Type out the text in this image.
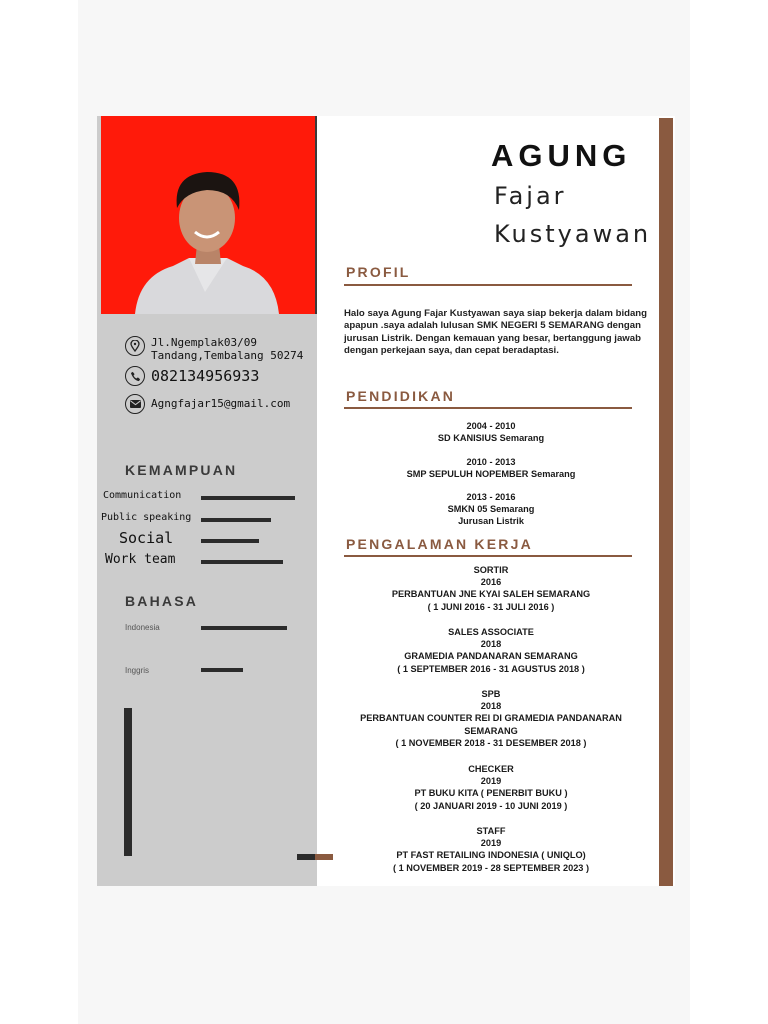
Jl.Ngemplak03/09
Tandang,Tembalang 50274
082134956933
Agngfajar15@gmail.com
KEMAMPUAN
Communication
Public speaking
Social
Work team
BAHASA
Indonesia
Inggris
AGUNG
Fajar
Kustyawan
PROFIL
Halo saya Agung Fajar Kustyawan saya siap bekerja dalam bidang apapun .saya adalah lulusan SMK NEGERI 5 SEMARANG dengan jurusan Listrik. Dengan kemauan yang besar, bertanggung jawab dengan perkejaan saya, dan cepat beradaptasi.
PENDIDIKAN
2004 - 2010
SD KANISIUS Semarang
2010 - 2013
SMP SEPULUH NOPEMBER Semarang
2013 - 2016
SMKN 05 Semarang
Jurusan Listrik
PENGALAMAN KERJA
SORTIR
2016
PERBANTUAN JNE KYAI SALEH SEMARANG
( 1 JUNI 2016 - 31 JULI 2016 )
SALES ASSOCIATE
2018
GRAMEDIA PANDANARAN SEMARANG
( 1 SEPTEMBER 2016 - 31 AGUSTUS 2018 )
SPB
2018
PERBANTUAN COUNTER REI DI GRAMEDIA PANDANARAN
SEMARANG
( 1 NOVEMBER 2018 - 31 DESEMBER 2018 )
CHECKER
2019
PT BUKU KITA ( PENERBIT BUKU )
( 20 JANUARI 2019 - 10 JUNI 2019 )
STAFF
2019
PT FAST RETAILING INDONESIA ( UNIQLO)
( 1 NOVEMBER 2019 - 28 SEPTEMBER 2023 )
